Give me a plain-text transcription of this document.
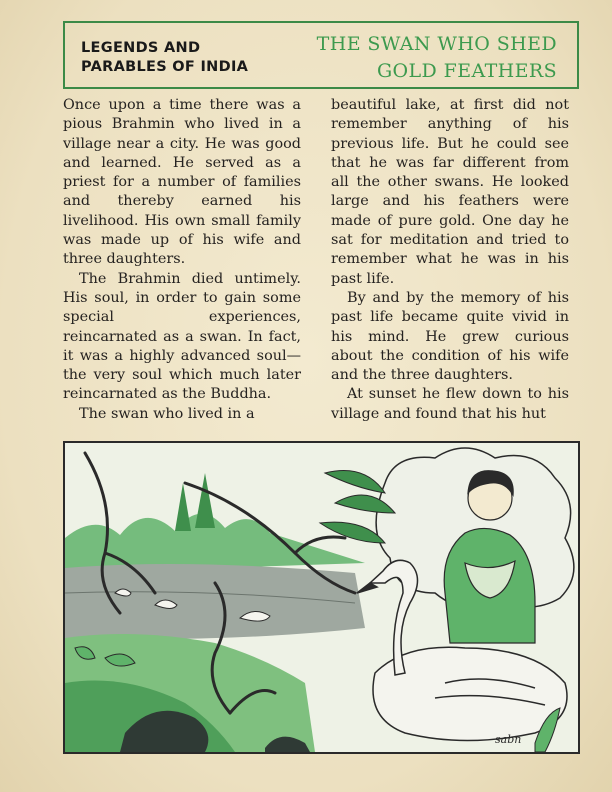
LEGENDS AND
PARABLES OF INDIA
THE SWAN WHO SHED
GOLD FEATHERS

Once upon a time there was a pious Brahmin who lived in a village near a city. He was good and learned. He served as a priest for a number of families and thereby earned his livelihood. His own small family was made up of his wife and three daughters.

The Brahmin died untimely. His soul, in order to gain some special experiences, reincarnated as a swan. In fact, it was a highly advanced soul—the very soul which much later reincarnated as the Buddha.

The swan who lived in a

beautiful lake, at first did not remember anything of his previous life. But he could see that he was far different from all the other swans. He looked large and his feathers were made of pure gold. One day he sat for meditation and tried to remember what he was in his past life.

By and by the memory of his past life became quite vivid in his mind. He grew curious about the condition of his wife and the three daughters.

At sunset he flew down to his village and found that his hut

sabn
